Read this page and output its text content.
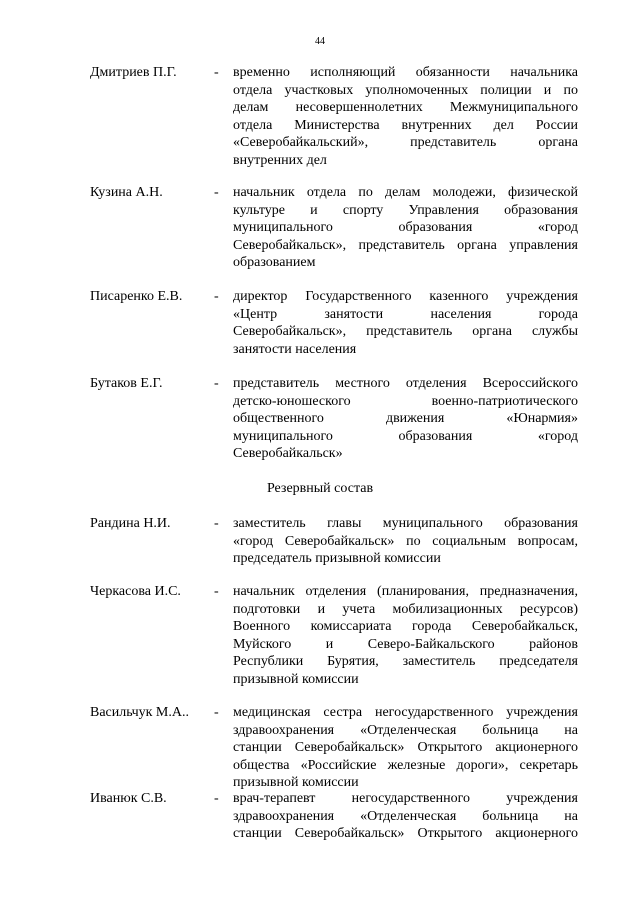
44
Дмитриев П.Г.	- временно исполняющий обязанности начальника
отдела участковых уполномоченных полиции и по
делам несовершеннолетних Межмуниципального
отдела Министерства внутренних дел России
«Северобайкальский», представитель органа
внутренних дел
Кузина А.Н.	- начальник отдела по делам молодежи, физической
культуре и спорту Управления образования
муниципального образования «город
Северобайкальск», представитель органа управления
образованием
Писаренко Е.В. - директор Государственного казенного учреждения
«Центр занятости населения города
Северобайкальск», представитель органа службы
занятости населения
Бутаков Е.Г.	- представитель местного отделения Всероссийского
детско-юношеского военно-патриотического
общественного движения «Юнармия»
муниципального образования «город
Северобайкальск»
Резервный состав
Рандина Н.И.	- заместитель главы муниципального образования
«город Северобайкальск» по социальным вопросам,
председатель призывной комиссии
Черкасова И.С. - начальник отделения (планирования, предназначения,
подготовки и учета мобилизационных ресурсов)
Военного комиссариата города Северобайкальск,
Муйского и Северо-Байкальского районов
Республики Бурятия, заместитель председателя
призывной комиссии
Васильчук М.А.. - медицинская сестра негосударственного учреждения
здравоохранения «Отделенческая больница на
станции Северобайкальск» Открытого акционерного
общества «Российские железные дороги», секретарь
призывной комиссии
Иванюк С.В.	- врач-терапевт негосударственного учреждения
здравоохранения «Отделенческая больница на
станции Северобайкальск» Открытого акционерного
